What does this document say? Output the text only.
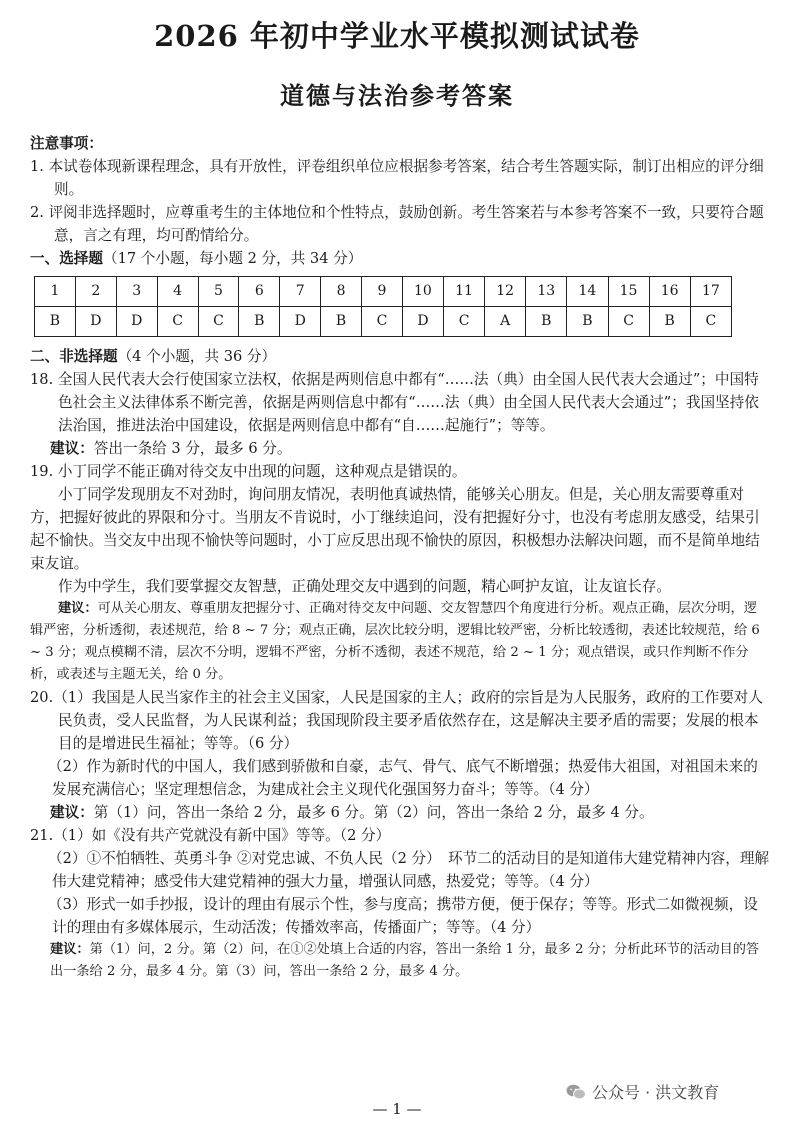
2026 年初中学业水平模拟测试试卷
道德与法治参考答案

注意事项：

1. 本试卷体现新课程理念，具有开放性，评卷组织单位应根据参考答案，结合考生答题实际，制订出相应的评分细则。

2. 评阅非选择题时，应尊重考生的主体地位和个性特点，鼓励创新。考生答案若与本参考答案不一致，只要符合题意，言之有理，均可酌情给分。

一、选择题（17 个小题，每小题 2 分，共 34 分）

1	2	3	4	5	6	7	8	9	10	11	12	13	14	15	16	17
B	D	D	C	C	B	D	B	C	D	C	A	B	B	C	B	C

二、非选择题（4 个小题，共 36 分）

18. 全国人民代表大会行使国家立法权，依据是两则信息中都有“……法（典）由全国人民代表大会通过”；中国特色社会主义法律体系不断完善，依据是两则信息中都有“……法（典）由全国人民代表大会通过”；我国坚持依法治国，推进法治中国建设，依据是两则信息中都有“自……起施行”；等等。

建议：答出一条给 3 分，最多 6 分。

19. 小丁同学不能正确对待交友中出现的问题，这种观点是错误的。

小丁同学发现朋友不对劲时，询问朋友情况，表明他真诚热情，能够关心朋友。但是，关心朋友需要尊重对方，把握好彼此的界限和分寸。当朋友不肯说时，小丁继续追问，没有把握好分寸，也没有考虑朋友感受，结果引起不愉快。当交友中出现不愉快等问题时，小丁应反思出现不愉快的原因，积极想办法解决问题，而不是简单地结束友谊。

作为中学生，我们要掌握交友智慧，正确处理交友中遇到的问题，精心呵护友谊，让友谊长存。

建议：可从关心朋友、尊重朋友把握分寸、正确对待交友中问题、交友智慧四个角度进行分析。观点正确，层次分明，逻辑严密，分析透彻，表述规范，给 8 ~ 7 分；观点正确，层次比较分明，逻辑比较严密，分析比较透彻，表述比较规范，给 6 ~ 3 分；观点模糊不清，层次不分明，逻辑不严密，分析不透彻，表述不规范，给 2 ~ 1 分；观点错误，或只作判断不作分析，或表述与主题无关，给 0 分。

20.（1）我国是人民当家作主的社会主义国家，人民是国家的主人；政府的宗旨是为人民服务，政府的工作要对人民负责，受人民监督，为人民谋利益；我国现阶段主要矛盾依然存在，这是解决主要矛盾的需要；发展的根本目的是增进民生福祉；等等。（6 分）

（2）作为新时代的中国人，我们感到骄傲和自豪，志气、骨气、底气不断增强；热爱伟大祖国，对祖国未来的发展充满信心；坚定理想信念，为建成社会主义现代化强国努力奋斗；等等。（4 分）

建议：第（1）问，答出一条给 2 分，最多 6 分。第（2）问，答出一条给 2 分，最多 4 分。

21.（1）如《没有共产党就没有新中国》等等。（2 分）

（2）①不怕牺牲、英勇斗争 ②对党忠诚、不负人民（2 分）　环节二的活动目的是知道伟大建党精神内容，理解伟大建党精神；感受伟大建党精神的强大力量，增强认同感，热爱党；等等。（4 分）

（3）形式一如手抄报，设计的理由有展示个性，参与度高；携带方便，便于保存；等等。形式二如微视频，设计的理由有多媒体展示，生动活泼；传播效率高，传播面广；等等。（4 分）

建议：第（1）问，2 分。第（2）问，在①②处填上合适的内容，答出一条给 1 分，最多 2 分；分析此环节的活动目的答出一条给 2 分，最多 4 分。第（3）问，答出一条给 2 分，最多 4 分。

公众号 · 洪文教育
— 1 —
